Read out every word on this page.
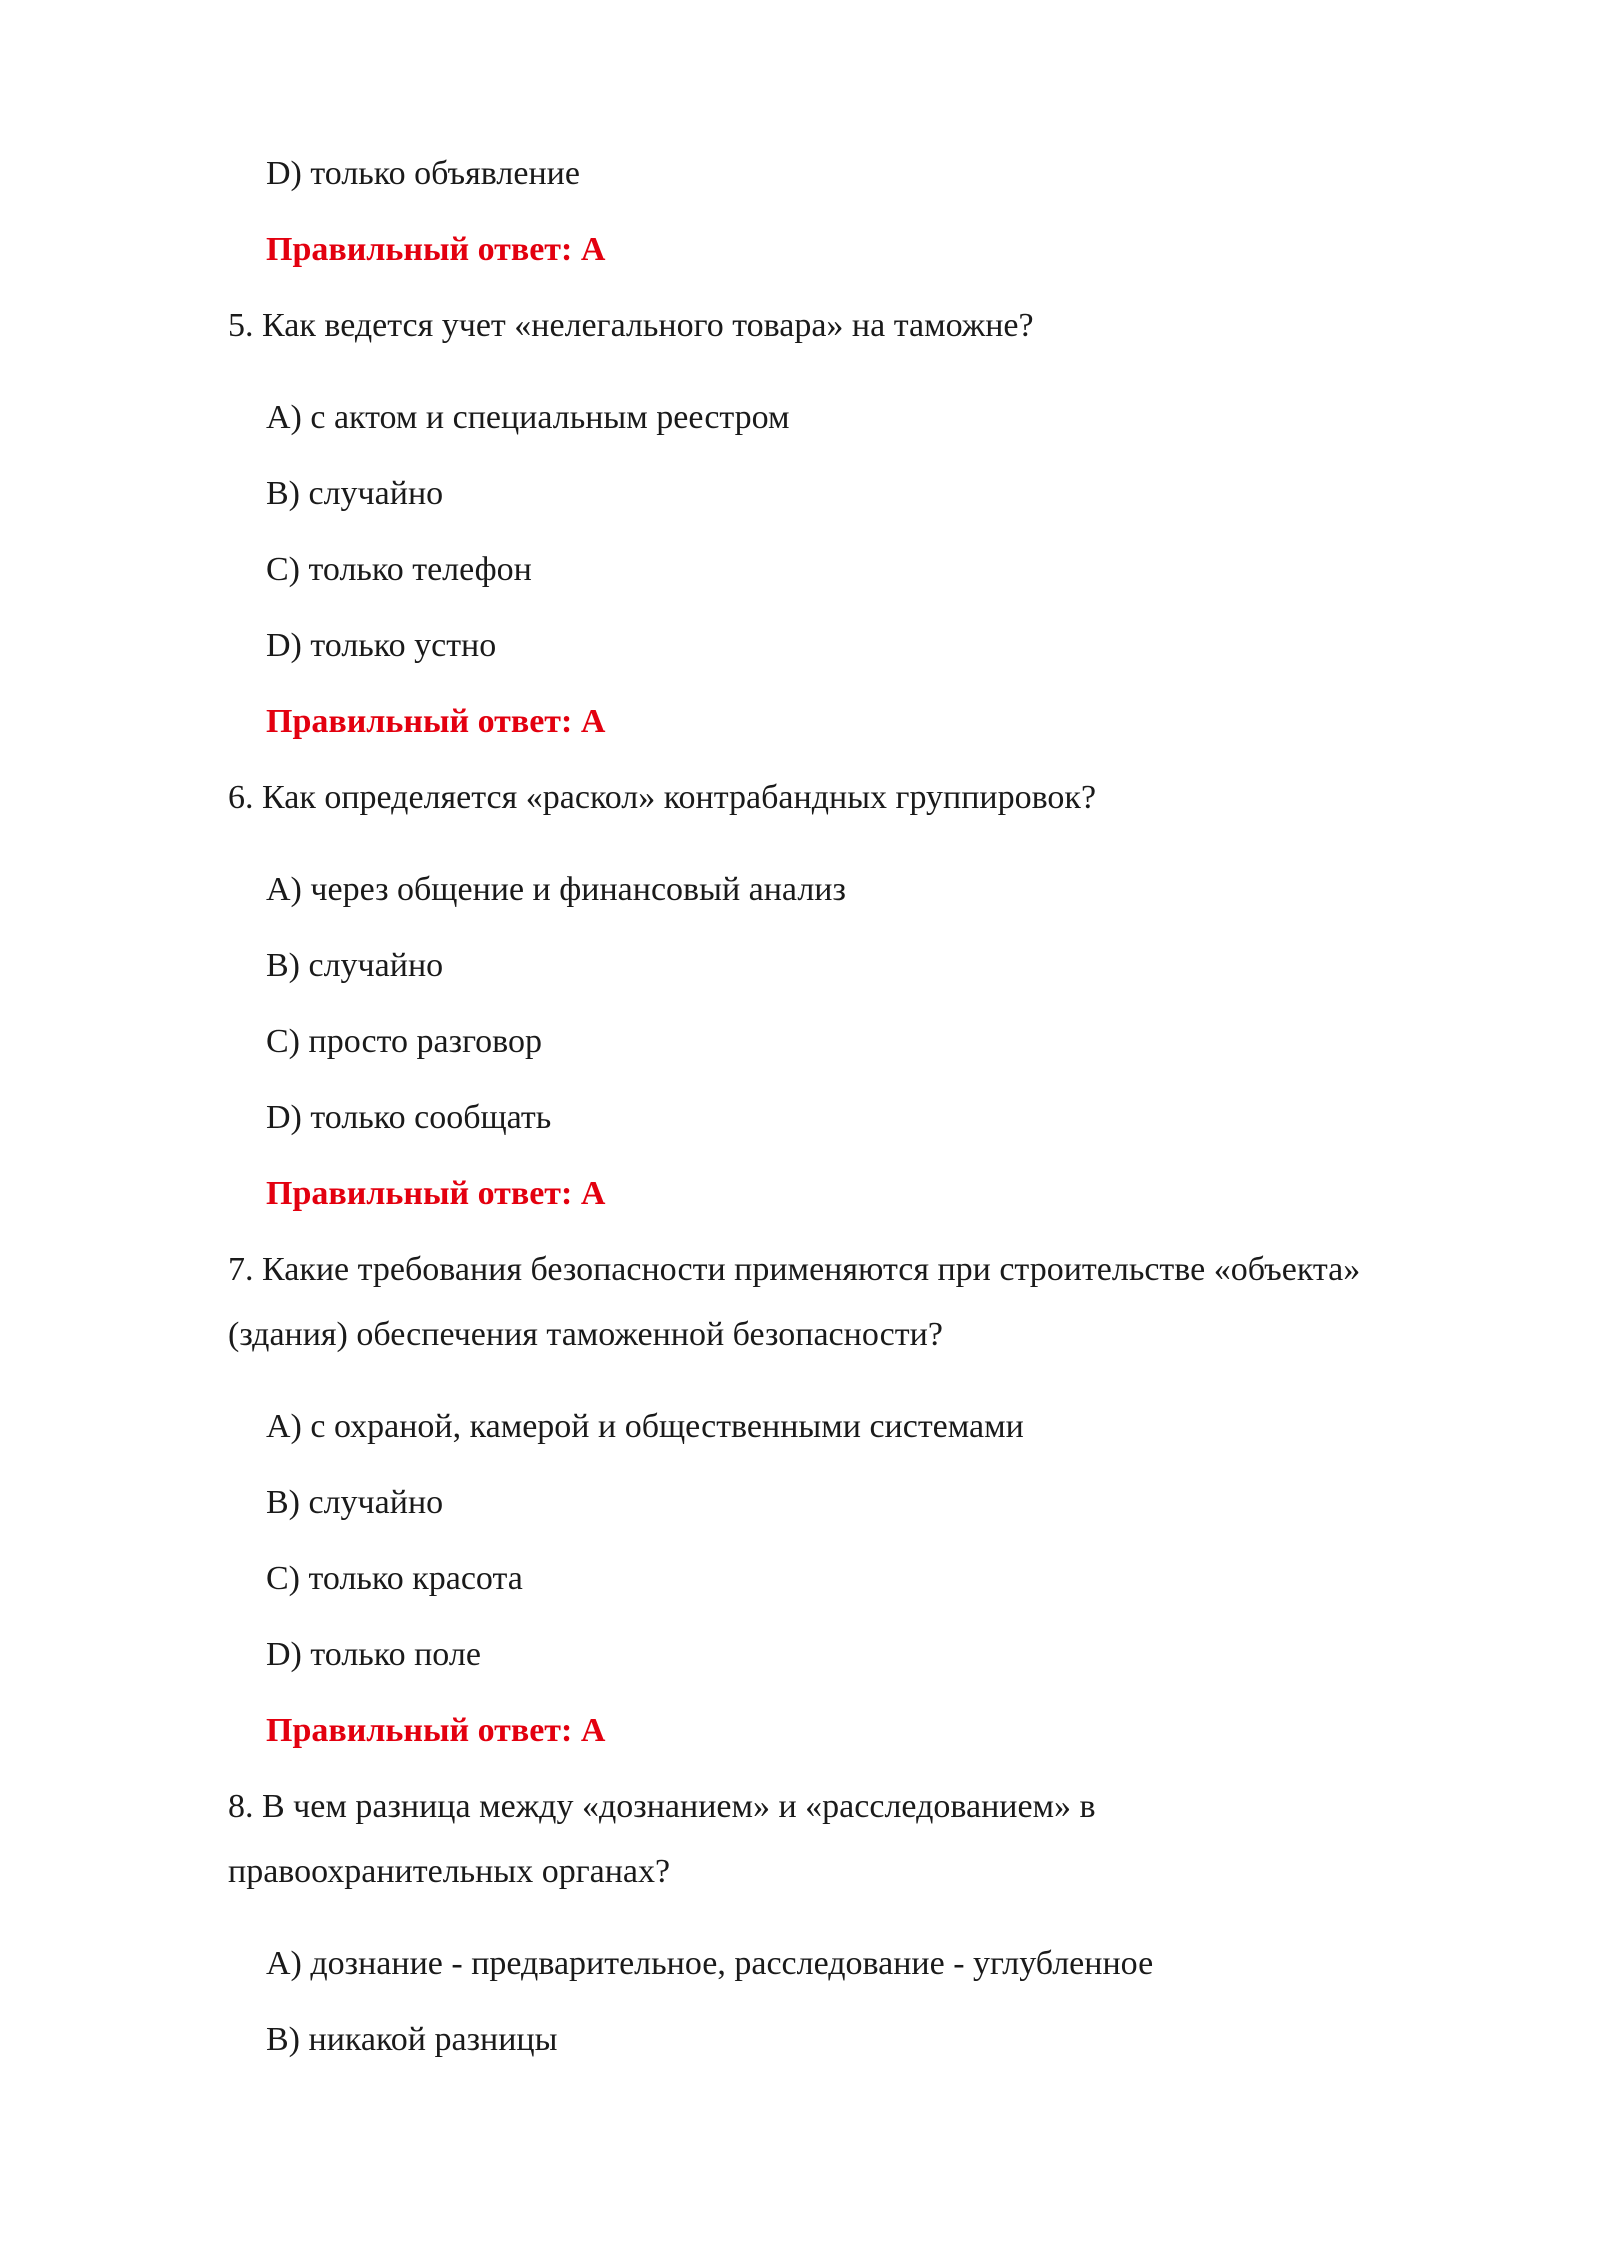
D) только объявление

Правильный ответ: А

5. Как ведется учет «нелегального товара» на таможне?

A) с актом и специальным реестром

B) случайно

C) только телефон

D) только устно

Правильный ответ: А

6. Как определяется «раскол» контрабандных группировок?

A) через общение и финансовый анализ

B) случайно

C) просто разговор

D) только сообщать

Правильный ответ: А

7. Какие требования безопасности применяются при строительстве «объекта»

(здания) обеспечения таможенной безопасности?

A) с охраной, камерой и общественными системами

B) случайно

C) только красота

D) только поле

Правильный ответ: А

8. В чем разница между «дознанием» и «расследованием» в

правоохранительных органах?

A) дознание - предварительное, расследование - углубленное

B) никакой разницы
